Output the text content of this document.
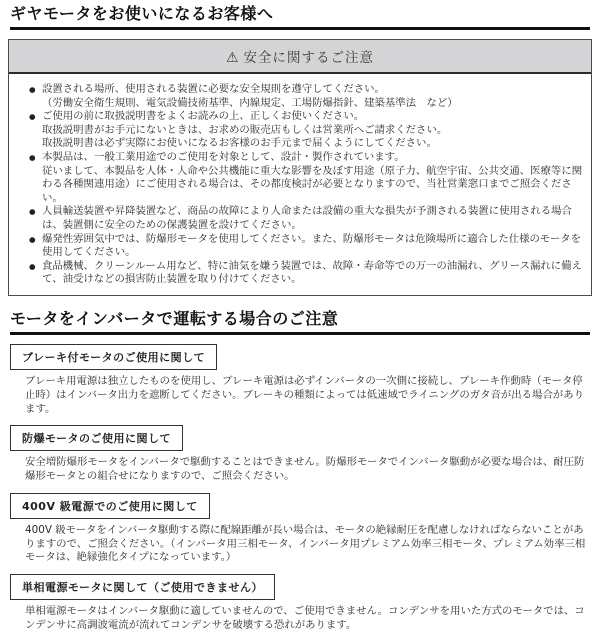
ギヤモータをお使いになるお客様へ
⚠ 安全に関するご注意
● 設置される場所、使用される装置に必要な安全規則を遵守してください。

（労働安全衛生規則、電気設備技術基準、内線規定、工場防爆指針、建築基準法　など）

● ご使用の前に取扱説明書をよくお読みの上、正しくお使いください。

取扱説明書がお手元にないときは、お求めの販売店もしくは営業所へご請求ください。

取扱説明書は必ず実際にお使いになるお客様のお手元まで届くようにしてください。

● 本製品は、一般工業用途でのご使用を対象として、設計・製作されています。

従いまして、本製品を人体・人命や公共機能に重大な影響を及ぼす用途（原子力、航空宇宙、公共交通、医療等に関わる各種関連用途）にご使用される場合は、その都度検討が必要となりますので、当社営業窓口までご照会ください。

● 人員輸送装置や昇降装置など、商品の故障により人命または設備の重大な損失が予測される装置に使用される場合は、装置側に安全のための保護装置を設けてください。

● 爆発性雰囲気中では、防爆形モータを使用してください。また、防爆形モータは危険場所に適合した仕様のモータを使用してください。

● 食品機械、クリーンルーム用など、特に油気を嫌う装置では、故障・寿命等での万一の油漏れ、グリース漏れに備えて、油受けなどの損害防止装置を取り付けてください。

モータをインバータで運転する場合のご注意
ブレーキ付モータのご使用に関して

ブレーキ用電源は独立したものを使用し、ブレーキ電源は必ずインバータの一次側に接続し、ブレーキ作動時（モータ停止時）はインバータ出力を遮断してください。ブレーキの種類によっては低速域でライニングのガタ音が出る場合があります。

防爆モータのご使用に関して

安全増防爆形モータをインバータで駆動することはできません。防爆形モータでインバータ駆動が必要な場合は、耐圧防爆形モータとの組合せになりますので、ご照会ください。

400V 級電源でのご使用に関して

400V 級モータをインバータ駆動する際に配線距離が長い場合は、モータの絶縁耐圧を配慮しなければならないことがありますので、ご照会ください。（インバータ用三相モータ、インバータ用プレミアム効率三相モータ、プレミアム効率三相モータは、絶縁強化タイプになっています。）

単相電源モータに関して（ご使用できません）

単相電源モータはインバータ駆動に適していませんので、ご使用できません。コンデンサを用いた方式のモータでは、コンデンサに高調波電流が流れてコンデンサを破壊する恐れがあります。
